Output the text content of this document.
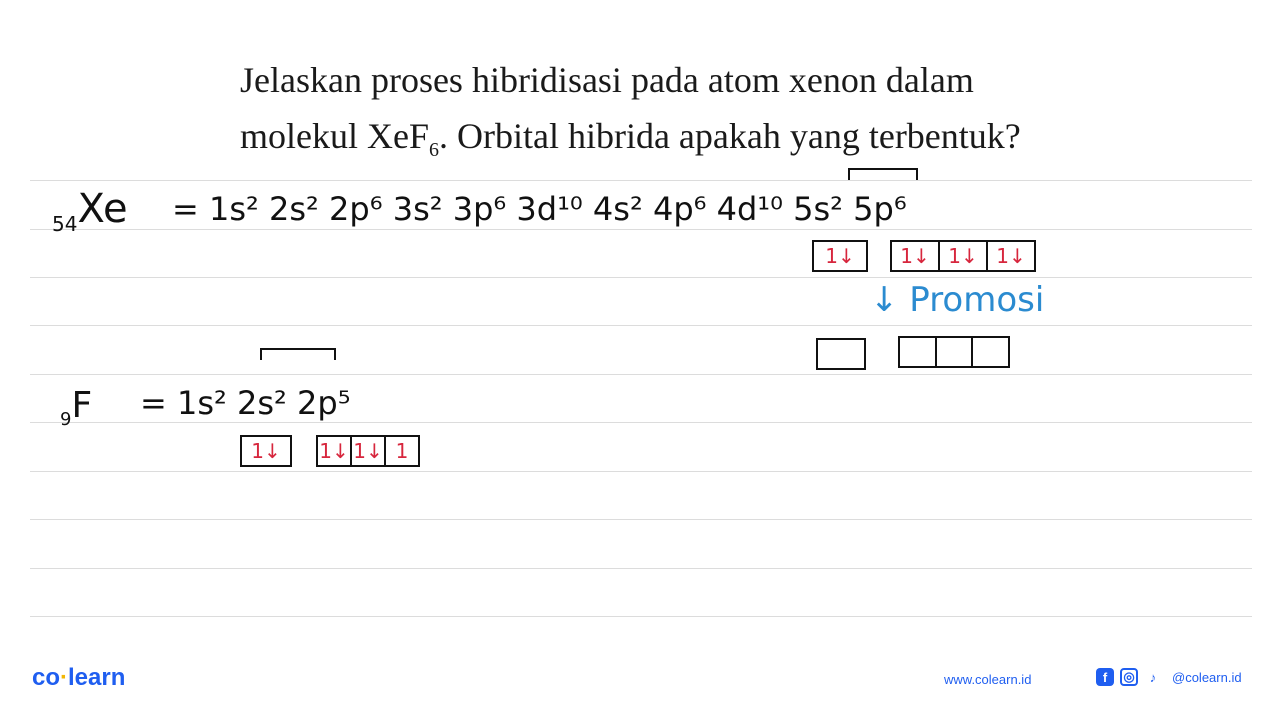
Jelaskan proses hibridisasi pada atom xenon dalam
molekul XeF$_6$. Orbital hibrida apakah yang terbentuk?
$_{54}$Xe = 1s² 2s² 2p⁶ 3s² 3p⁶ 3d¹⁰ 4s² 4p⁶ 4d¹⁰ 5s² 5p⁶
1↓	1↓ 1↓ 1↓
↓ Promosi
$_9$F = 1s² 2s² 2p⁵
1↓	1↓ 1↓ 1
co·learn	www.colearn.id	f	◎	♪	@colearn.id
